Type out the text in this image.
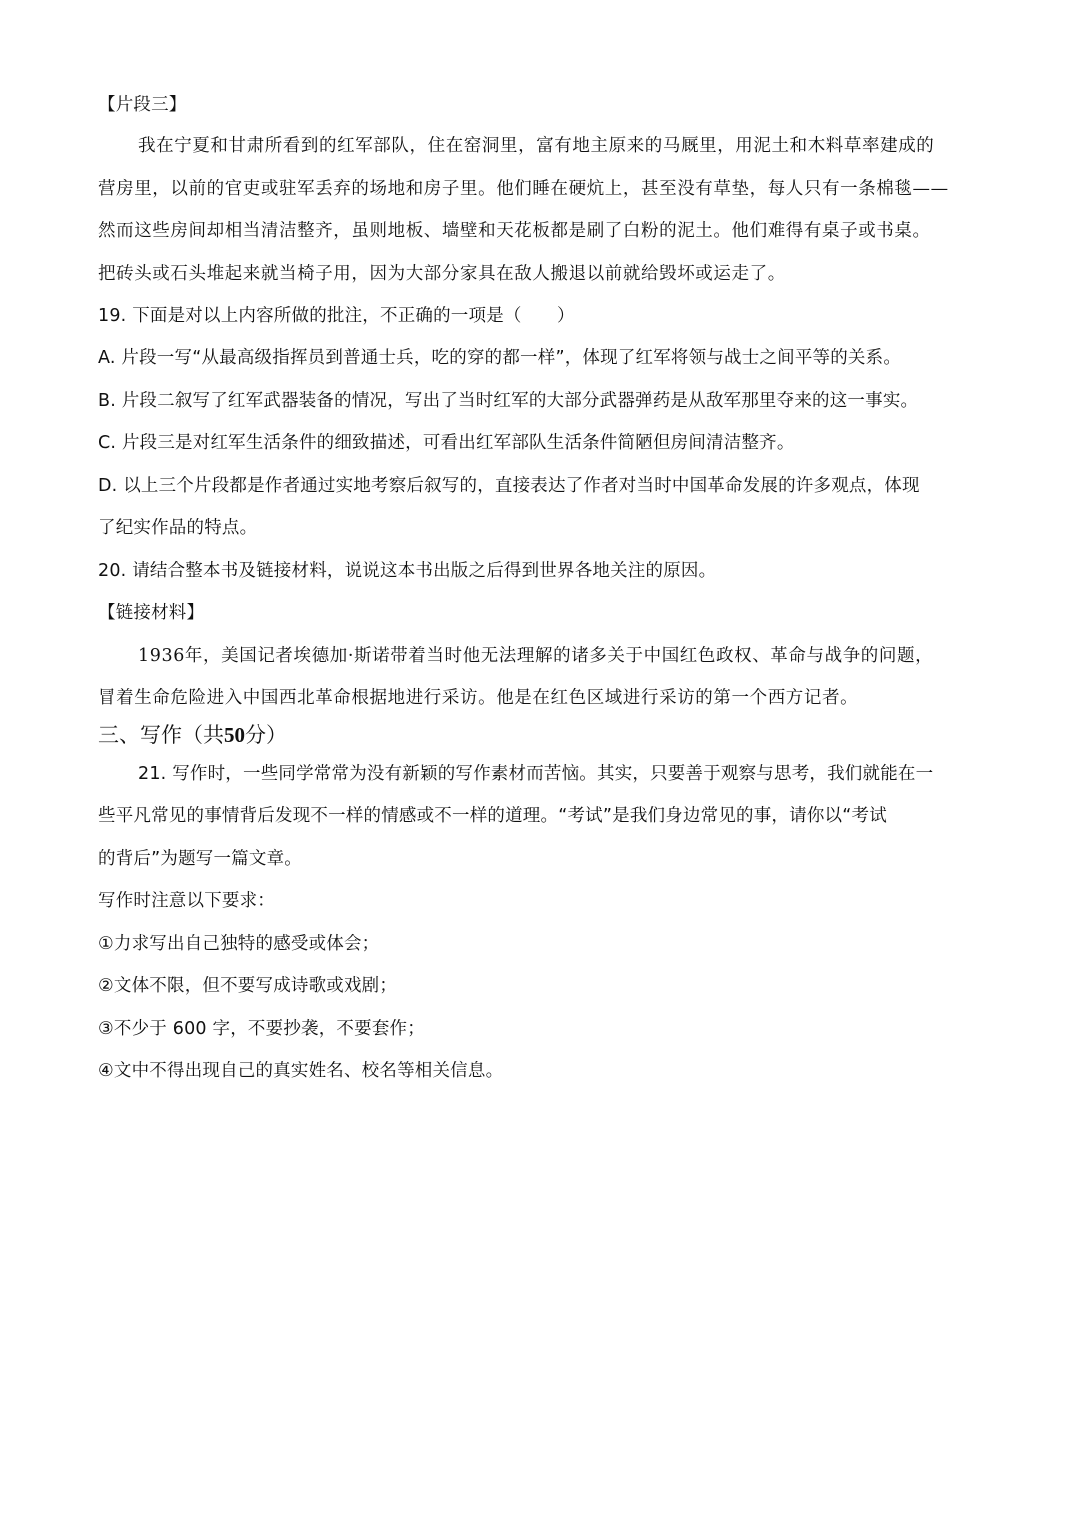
【片段三】
我在宁夏和甘肃所看到的红军部队，住在窑洞里，富有地主原来的马厩里，用泥土和木料草率建成的
营房里，以前的官吏或驻军丢弃的场地和房子里。他们睡在硬炕上，甚至没有草垫，每人只有一条棉毯——
然而这些房间却相当清洁整齐，虽则地板、墙壁和天花板都是刷了白粉的泥土。他们难得有桌子或书桌。
把砖头或石头堆起来就当椅子用，因为大部分家具在敌人搬退以前就给毁坏或运走了。
19. 下面是对以上内容所做的批注，不正确的一项是（　　）
A. 片段一写“从最高级指挥员到普通士兵，吃的穿的都一样”，体现了红军将领与战士之间平等的关系。
B. 片段二叙写了红军武器装备的情况，写出了当时红军的大部分武器弹药是从敌军那里夺来的这一事实。
C. 片段三是对红军生活条件的细致描述，可看出红军部队生活条件简陋但房间清洁整齐。
D. 以上三个片段都是作者通过实地考察后叙写的，直接表达了作者对当时中国革命发展的许多观点，体现
了纪实作品的特点。
20. 请结合整本书及链接材料，说说这本书出版之后得到世界各地关注的原因。
【链接材料】
1936年，美国记者埃德加·斯诺带着当时他无法理解的诸多关于中国红色政权、革命与战争的问题，
冒着生命危险进入中国西北革命根据地进行采访。他是在红色区域进行采访的第一个西方记者。
三、写作（共50分）
21. 写作时，一些同学常常为没有新颖的写作素材而苦恼。其实，只要善于观察与思考，我们就能在一
些平凡常见的事情背后发现不一样的情感或不一样的道理。“考试”是我们身边常见的事，请你以“考试
的背后”为题写一篇文章。
写作时注意以下要求：
①力求写出自己独特的感受或体会；
②文体不限，但不要写成诗歌或戏剧；
③不少于 600 字，不要抄袭，不要套作；
④文中不得出现自己的真实姓名、校名等相关信息。
